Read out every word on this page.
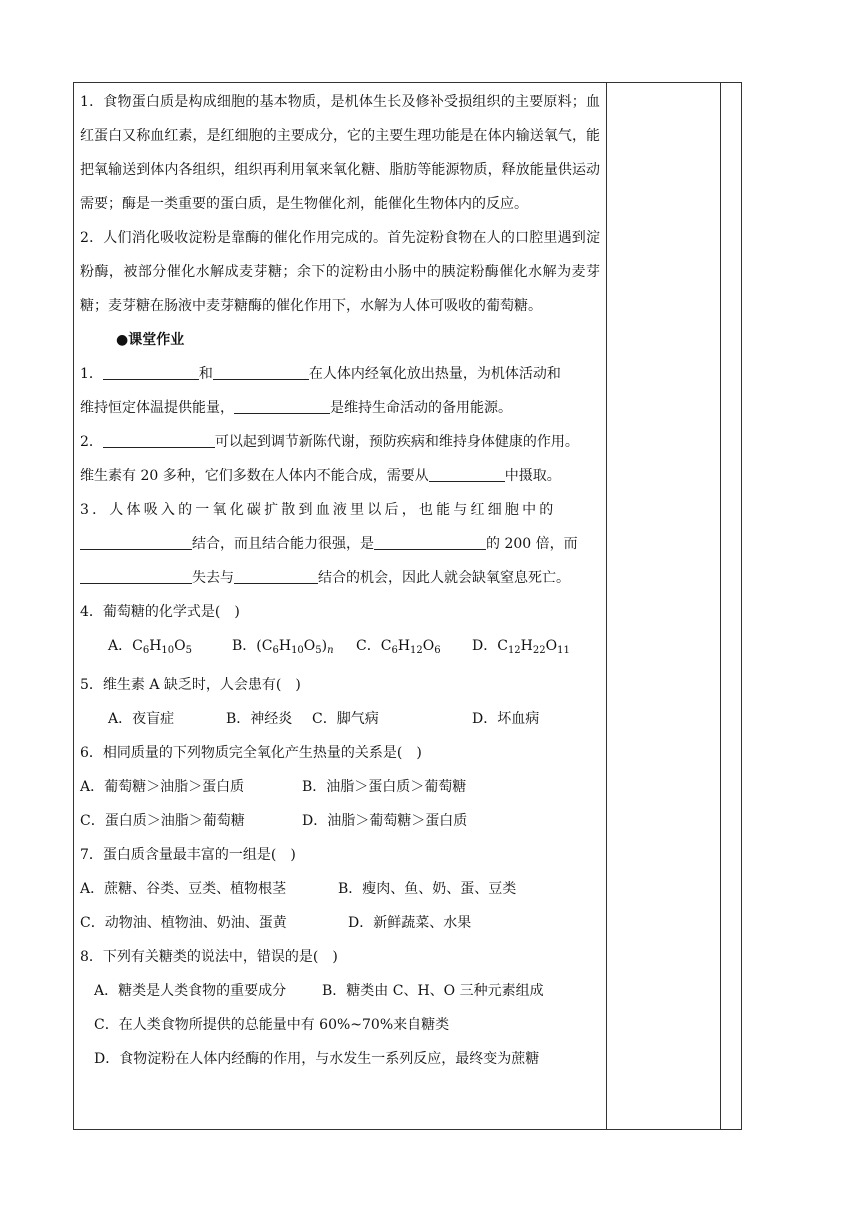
1．食物蛋白质是构成细胞的基本物质，是机体生长及修补受损组织的主要原料；血红蛋白又称血红素，是红细胞的主要成分，它的主要生理功能是在体内输送氧气，能把氧输送到体内各组织，组织再利用氧来氧化糖、脂肪等能源物质，释放能量供运动需要；酶是一类重要的蛋白质，是生物催化剂，能催化生物体内的反应。

2．人们消化吸收淀粉是靠酶的催化作用完成的。首先淀粉食物在人的口腔里遇到淀粉酶，被部分催化水解成麦芽糖；余下的淀粉由小肠中的胰淀粉酶催化水解为麦芽糖；麦芽糖在肠液中麦芽糖酶的催化作用下，水解为人体可吸收的葡萄糖。

●课堂作业

1．	和	在人体内经氧化放出热量，为机体活动和

维持恒定体温提供能量，	是维持生命活动的备用能源。

2．	可以起到调节新陈代谢，预防疾病和维持身体健康的作用。

维生素有 20 多种，它们多数在人体内不能合成，需要从	中摄取。

3．人体吸入的一氧化碳扩散到血液里以后，也能与红细胞中的

结合，而且结合能力很强，是	的 200 倍，而

失去与	结合的机会，因此人就会缺氧窒息死亡。

4．葡萄糖的化学式是(　)

A．$C_6H_{10}O_5$	B．$(C_6H_{10}O_5)_n$ C．$C_6H_{12}O_6$ D．$C_{12}H_{22}O_{11}$

5．维生素 A 缺乏时，人会患有(　)

A．夜盲症	B．神经炎 C．脚气病	D．坏血病

6．相同质量的下列物质完全氧化产生热量的关系是(　)

A．葡萄糖＞油脂＞蛋白质	B．油脂＞蛋白质＞葡萄糖

C．蛋白质＞油脂＞葡萄糖	D．油脂＞葡萄糖＞蛋白质

7．蛋白质含量最丰富的一组是(　)

A．蔗糖、谷类、豆类、植物根茎	B．瘦肉、鱼、奶、蛋、豆类

C．动物油、植物油、奶油、蛋黄	D．新鲜蔬菜、水果

8．下列有关糖类的说法中，错误的是(　)

A．糖类是人类食物的重要成分	B．糖类由 C、H、O 三种元素组成

C．在人类食物所提供的总能量中有 60%~70%来自糖类

D．食物淀粉在人体内经酶的作用，与水发生一系列反应，最终变为蔗糖
